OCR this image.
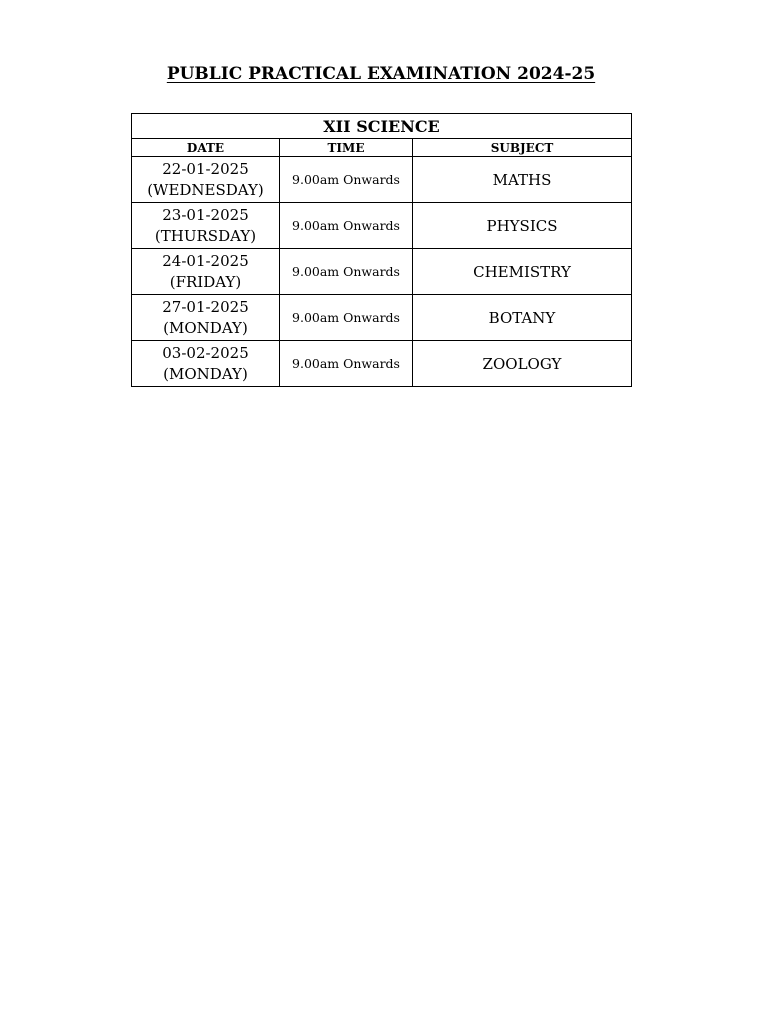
PUBLIC PRACTICAL EXAMINATION 2024-25
XII SCIENCE		
DATE	TIME	SUBJECT

22-01-2025
(WEDNESDAY)	9.00am Onwards	MATHS

23-01-2025
(THURSDAY)	9.00am Onwards	PHYSICS

24-01-2025
(FRIDAY)	9.00am Onwards	CHEMISTRY

27-01-2025
(MONDAY)	9.00am Onwards	BOTANY

03-02-2025
(MONDAY)	9.00am Onwards	ZOOLOGY
